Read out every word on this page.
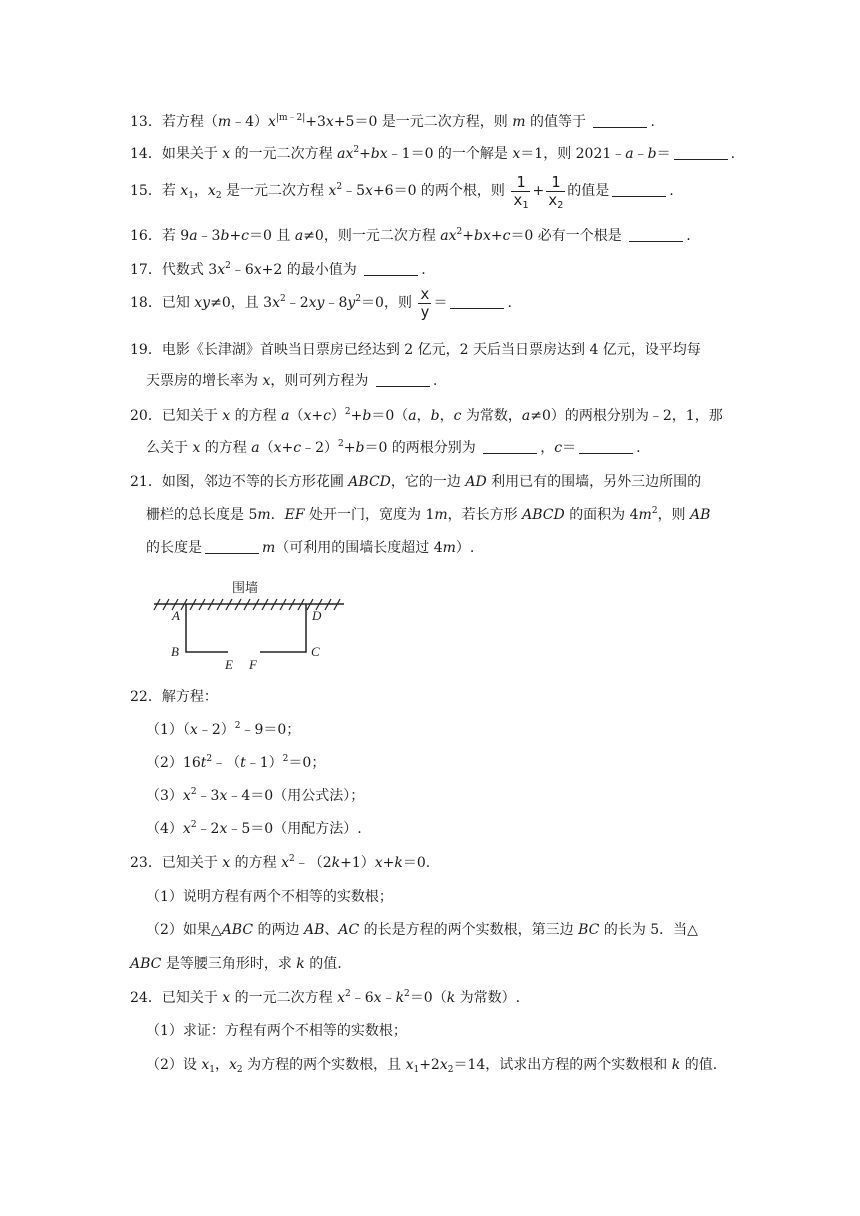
13．若方程$(m﹣4)x^{|m﹣2|}+3x+5=0$ 是一元二次方程，则 m 的值等于	.
14．如果关于 x 的一元二次方程 $ax^2+bx﹣1=0$ 的一个解是 x＝1，则 2021﹣a﹣b＝	.
15．若 $x_1$，$x_2$ 是一元二次方程 $x^2﹣5x+6=0$ 的两个根，则 $\frac{1}{x_1} + \frac{1}{x_2}$ 的值是	.
16．若 9a﹣3b+c＝0 且 a≠0，则一元二次方程 $ax^2+bx+c=0$ 必有一个根是	.
17．代数式 $3x^2﹣6x+2$ 的最小值为	.
18．已知 xy≠0，且 $3x^2﹣2xy﹣8y^2=0$，则 $\frac{x}{y}$ ＝	.
19．电影《长津湖》首映当日票房已经达到 2 亿元，2 天后当日票房达到 4 亿元，设平均每
天票房的增长率为 x，则可列方程为	.
20．已知关于 x 的方程 $a(x+c)^2+b=0(a$，b，c 为常数，a≠0）的两根分别为﹣2，1，那
么关于 x 的方程 a（x+c﹣2）$^2$+b＝0 的两根分别为	，c＝	.
21．如图，邻边不等的长方形花圃 ABCD，它的一边 AD 利用已有的围墙，另外三边所围的
栅栏的总长度是 5m．EF 处开一门，宽度为 1m，若长方形 ABCD 的面积为 $4m^2$，则 AB
的长度是	m（可利用的围墙长度超过 4m）.
围墙
A	D
B	C
E F
22．解方程：
（1）（x﹣2）$^2$﹣9＝0；
$(2)16t^2﹣(t﹣1)^2=0$；
$(3)x^2﹣3x﹣4=0$（用公式法）；
$(4)x^2﹣2x﹣5=0$（用配方法）.
23．已知关于 x 的方程 $x^2﹣(2k+1)x+k=0$.
（1）说明方程有两个不相等的实数根；
（2）如果△ABC 的两边 AB、AC 的长是方程的两个实数根，第三边 BC 的长为 5．当△
ABC 是等腰三角形时，求 k 的值.
24．已知关于 x 的一元二次方程 $x^2﹣6x﹣k^2=0(k$ 为常数）.
（1）求证：方程有两个不相等的实数根；
（2）设 $x_1$，$x_2$ 为方程的两个实数根，且 $x_1+2x_2=14$，试求出方程的两个实数根和 k 的值.
